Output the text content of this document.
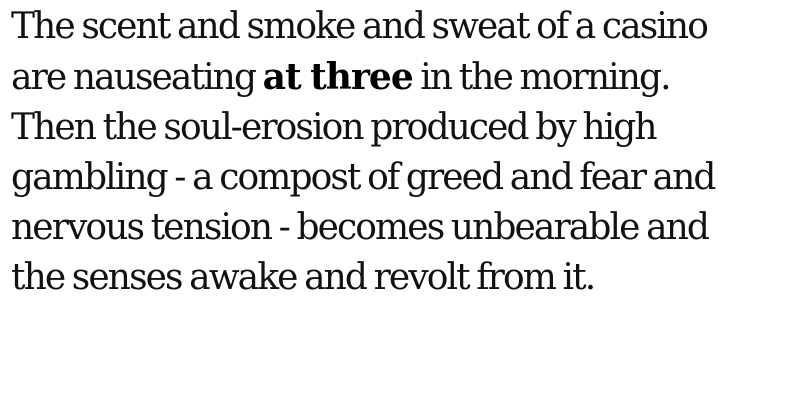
The scent and smoke and sweat of a casino
are nauseating at three in the morning.
Then the soul-erosion produced by high
gambling - a compost of greed and fear and
nervous tension - becomes unbearable and
the senses awake and revolt from it.
